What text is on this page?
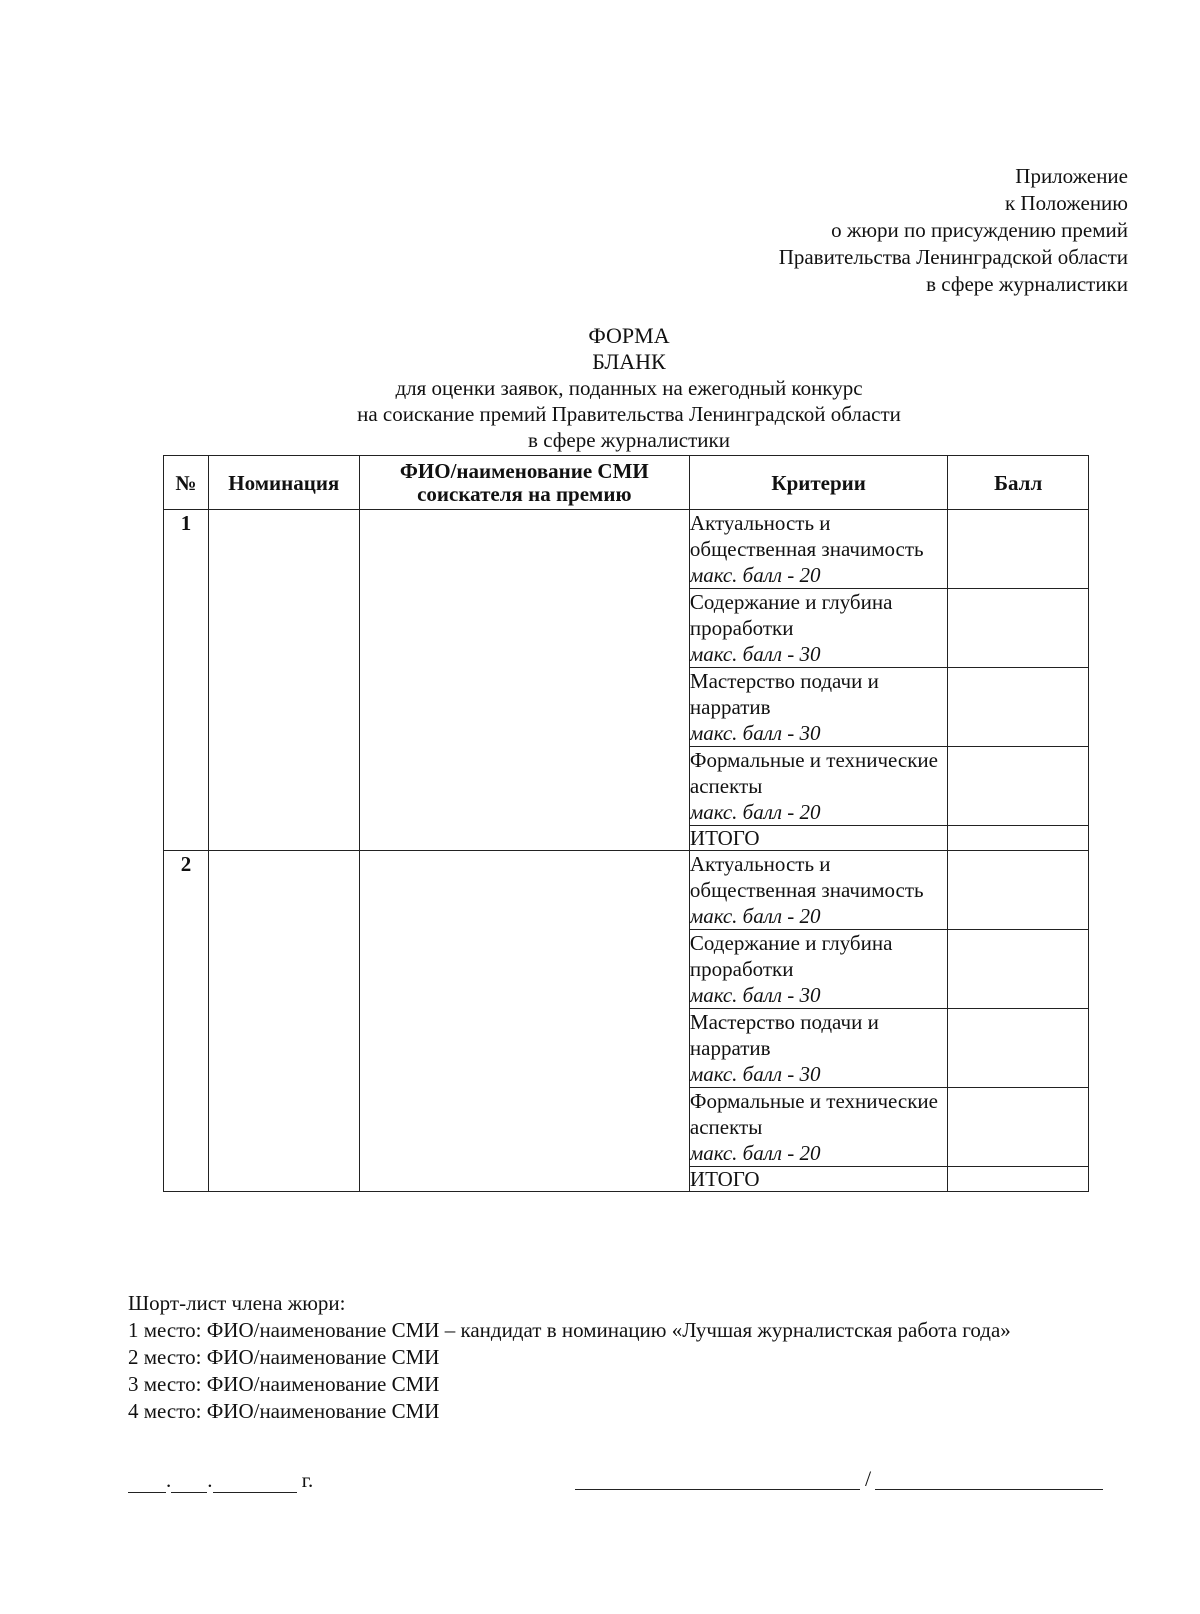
Приложение
к Положению
о жюри по присуждению премий
Правительства Ленинградской области
в сфере журналистики
ФОРМА
БЛАНК
для оценки заявок, поданных на ежегодный конкурс
на соискание премий Правительства Ленинградской области
в сфере журналистики
№	Номинация	ФИО/наименование СМИ соискателя на премию	Критерии	Балл
1			Актуальность и общественная значимость
макс. балл - 20	

			Содержание и глубина проработки
макс. балл - 30	

			Мастерство подачи и нарратив
макс. балл - 30	

			Формальные и технические аспекты
макс. балл - 20	

			ИТОГО	
2			Актуальность и общественная значимость
макс. балл - 20	

			Содержание и глубина проработки
макс. балл - 30	

			Мастерство подачи и нарратив
макс. балл - 30	

			Формальные и технические аспекты
макс. балл - 20	

			ИТОГО	
Шорт-лист члена жюри:
1 место: ФИО/наименование СМИ – кандидат в номинацию «Лучшая журналистская работа года»
2 место: ФИО/наименование СМИ
3 место: ФИО/наименование СМИ
4 место: ФИО/наименование СМИ
. .	г.	/
